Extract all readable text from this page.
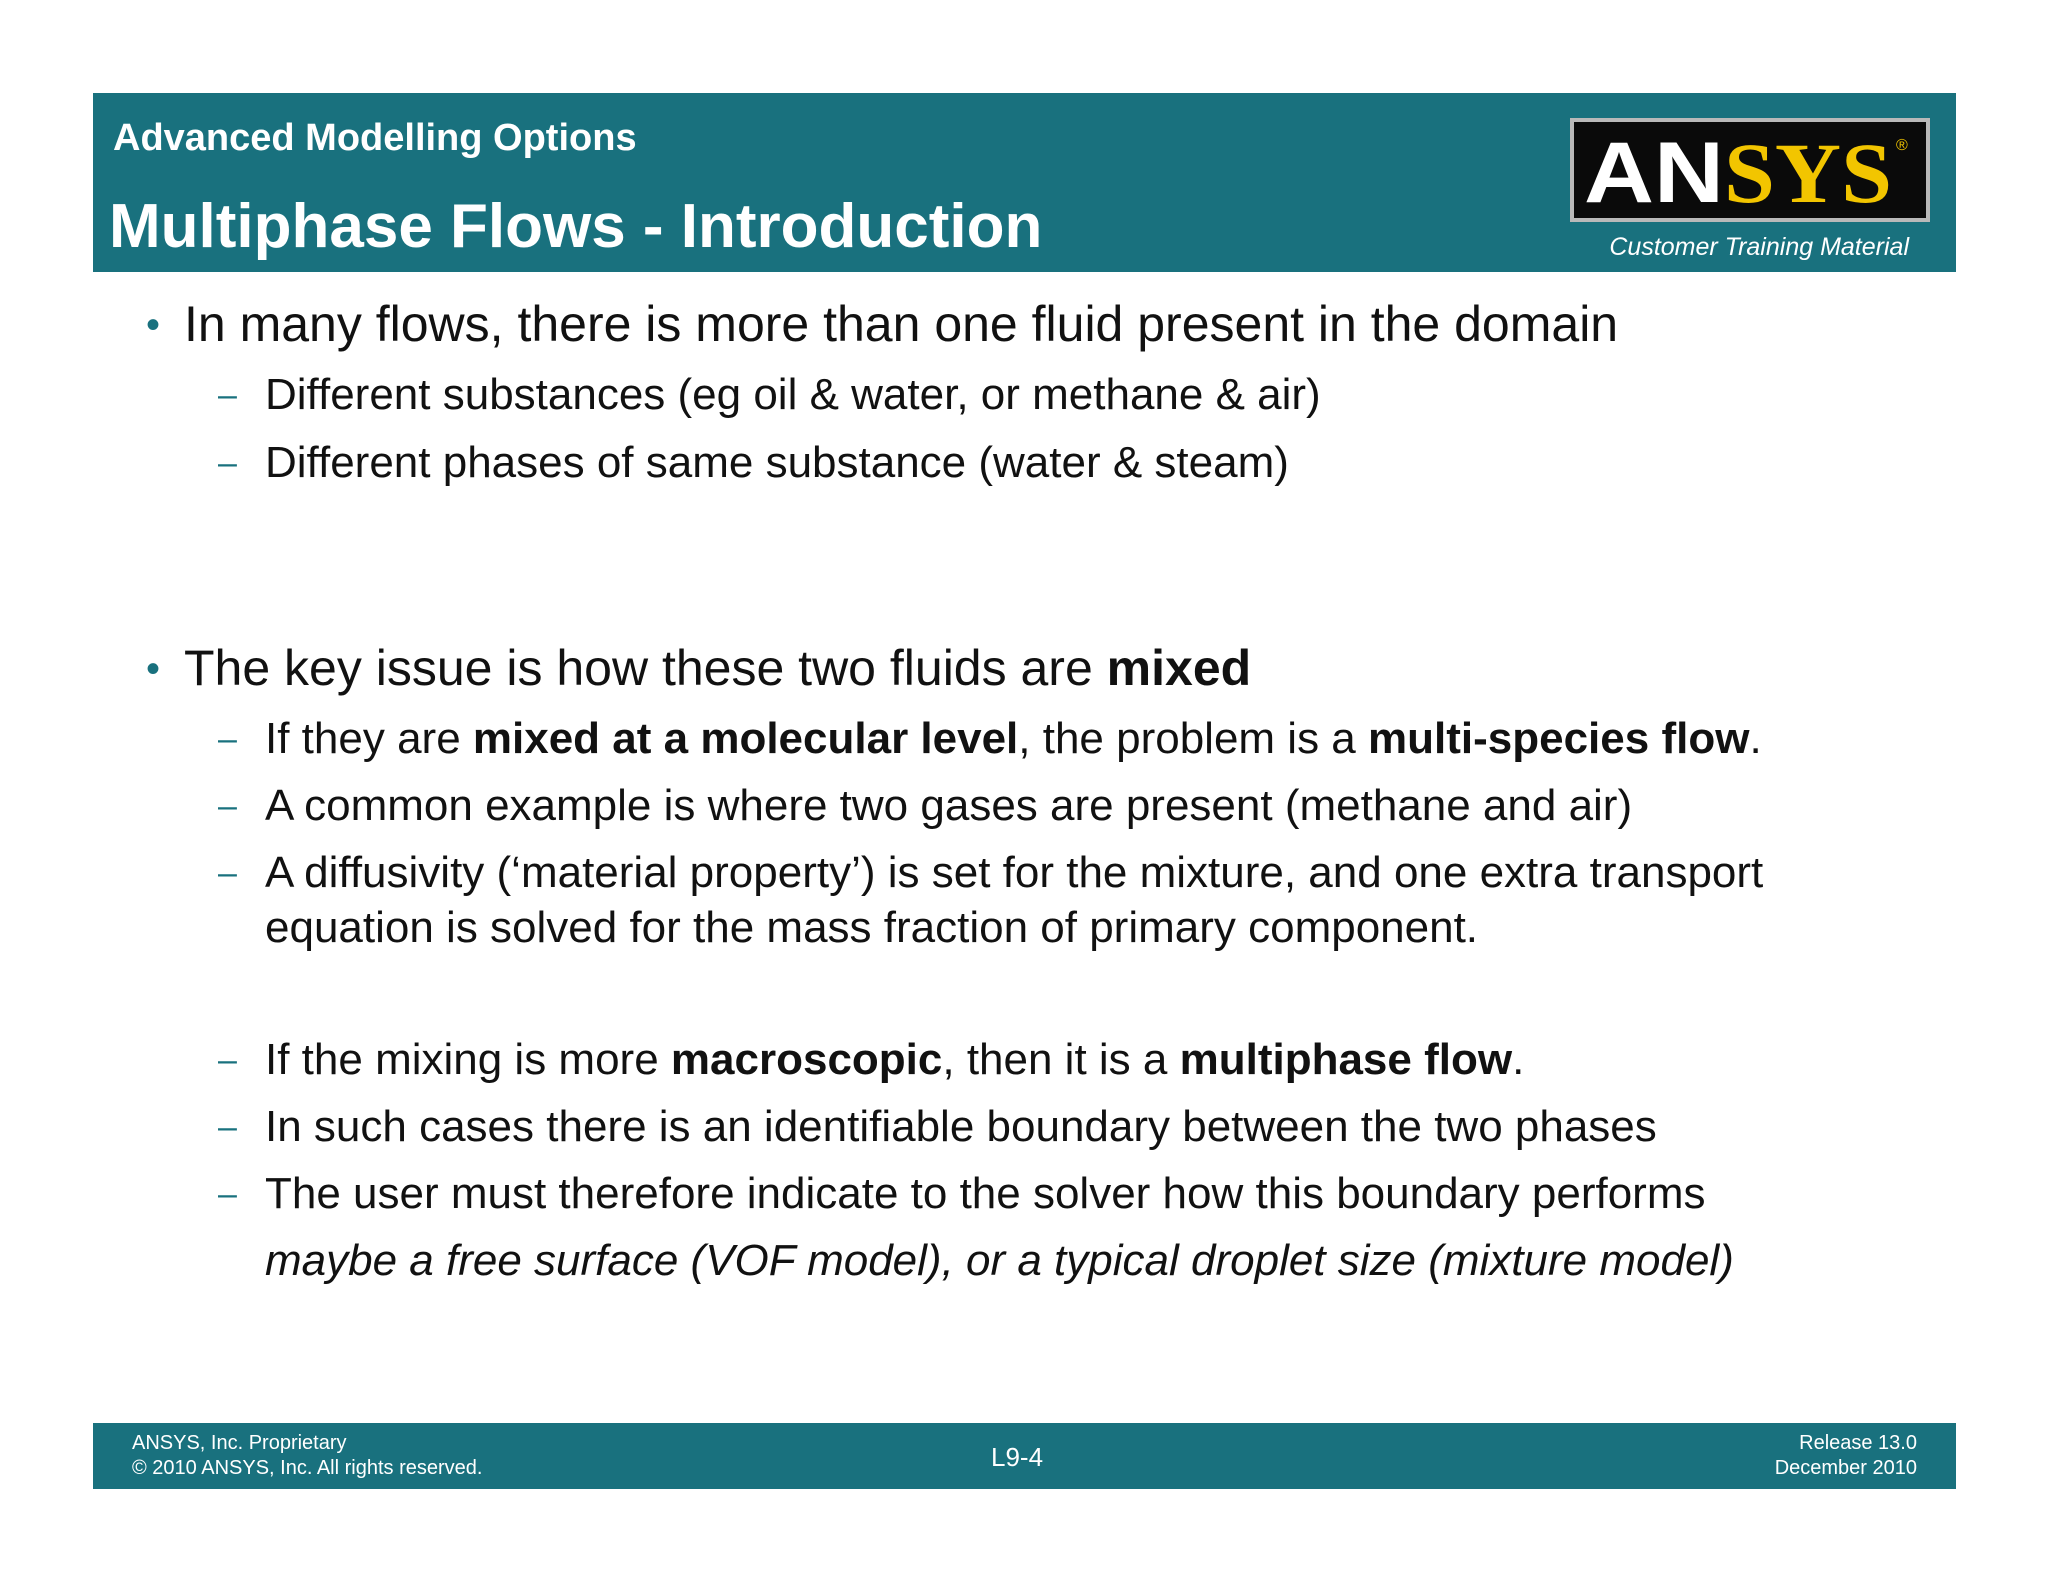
Advanced Modelling Options
Multiphase Flows - Introduction
AN SYS ®
Customer Training Material
• In many flows, there is more than one fluid present in the domain
– Different substances (eg oil & water, or methane & air)
– Different phases of same substance (water & steam)
• The key issue is how these two fluids are mixed
– If they are mixed at a molecular level, the problem is a multi-species flow.
– A common example is where two gases are present (methane and air)
– A diffusivity (‘material property’) is set for the mixture, and one extra transport
equation is solved for the mass fraction of primary component.
– If the mixing is more macroscopic, then it is a multiphase flow.
– In such cases there is an identifiable boundary between the two phases
– The user must therefore indicate to the solver how this boundary performs
maybe a free surface (VOF model), or a typical droplet size (mixture model)
ANSYS, Inc. Proprietary
© 2010 ANSYS, Inc. All rights reserved.	L9-4	Release 13.0
December 2010
